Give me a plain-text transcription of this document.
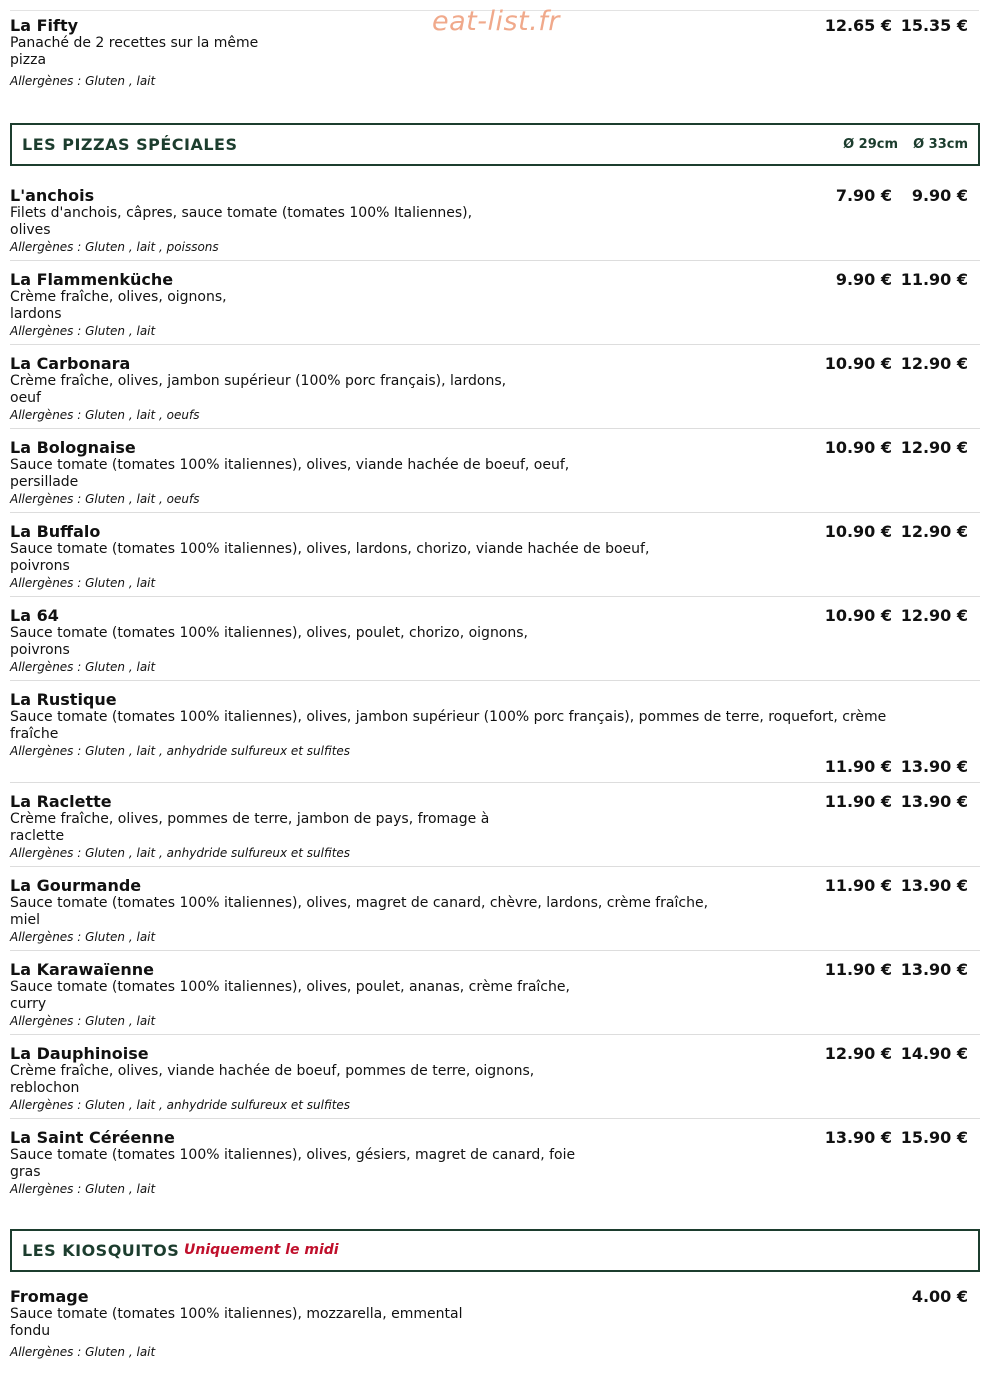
eat-list.fr
La Fifty
Panaché de 2 recettes sur la même
pizza
Allergènes : Gluten , lait
12.65 € 15.35 €
LES PIZZAS SPÉCIALES	Ø 29cm Ø 33cm
L'anchois
Filets d'anchois, câpres, sauce tomate (tomates 100% Italiennes),
olives
Allergènes : Gluten , lait , poissons
7.90 € 9.90 €
La Flammenküche
Crème fraîche, olives, oignons,
lardons
Allergènes : Gluten , lait
9.90 € 11.90 €
La Carbonara
Crème fraîche, olives, jambon supérieur (100% porc français), lardons,
oeuf
Allergènes : Gluten , lait , oeufs
10.90 € 12.90 €
La Bolognaise
Sauce tomate (tomates 100% italiennes), olives, viande hachée de boeuf, oeuf,
persillade
Allergènes : Gluten , lait , oeufs
10.90 € 12.90 €
La Buffalo
Sauce tomate (tomates 100% italiennes), olives, lardons, chorizo, viande hachée de boeuf,
poivrons
Allergènes : Gluten , lait
10.90 € 12.90 €
La 64
Sauce tomate (tomates 100% italiennes), olives, poulet, chorizo, oignons,
poivrons
Allergènes : Gluten , lait
10.90 € 12.90 €
La Rustique
Sauce tomate (tomates 100% italiennes), olives, jambon supérieur (100% porc français), pommes de terre, roquefort, crème
fraîche
Allergènes : Gluten , lait , anhydride sulfureux et sulfites
La Raclette
Crème fraîche, olives, pommes de terre, jambon de pays, fromage à
raclette
Allergènes : Gluten , lait , anhydride sulfureux et sulfites
11.90 € 13.90 €
La Gourmande
Sauce tomate (tomates 100% italiennes), olives, magret de canard, chèvre, lardons, crème fraîche,
miel
Allergènes : Gluten , lait
11.90 € 13.90 €
La Karawaïenne
Sauce tomate (tomates 100% italiennes), olives, poulet, ananas, crème fraîche,
curry
Allergènes : Gluten , lait
11.90 € 13.90 €
La Dauphinoise
Crème fraîche, olives, viande hachée de boeuf, pommes de terre, oignons,
reblochon
Allergènes : Gluten , lait , anhydride sulfureux et sulfites
12.90 € 14.90 €
La Saint Céréenne
Sauce tomate (tomates 100% italiennes), olives, gésiers, magret de canard, foie
gras
Allergènes : Gluten , lait
13.90 € 15.90 €
11.90 € 13.90 €
LES KIOSQUITOS Uniquement le midi
Fromage
Sauce tomate (tomates 100% italiennes), mozzarella, emmental
fondu
Allergènes : Gluten , lait
4.00 €
